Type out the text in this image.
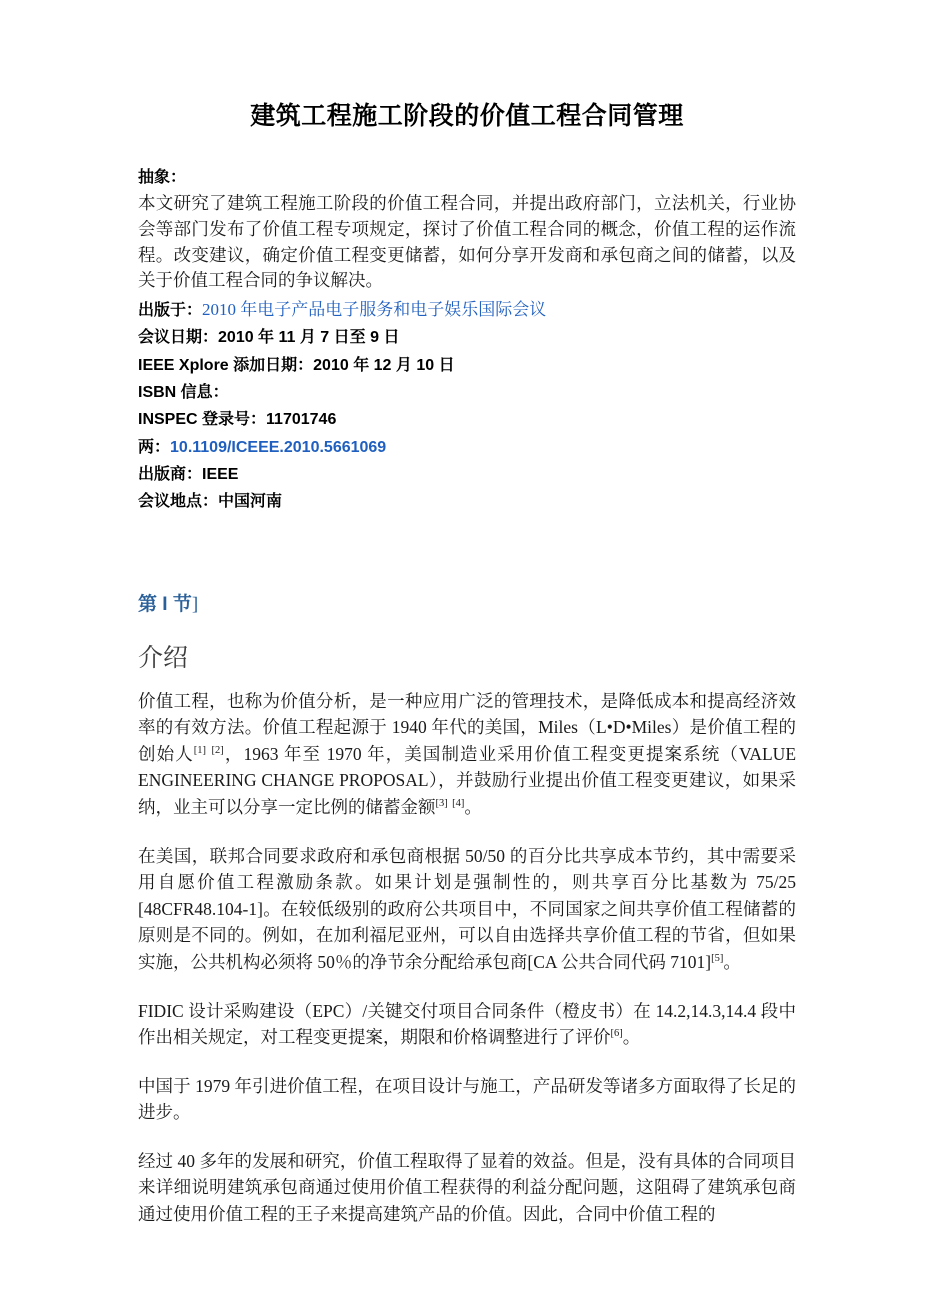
建筑工程施工阶段的价值工程合同管理
抽象：

本文研究了建筑工程施工阶段的价值工程合同，并提出政府部门，立法机关，行业协会等部门发布了价值工程专项规定，探讨了价值工程合同的概念，价值工程的运作流程。改变建议，确定价值工程变更储蓄，如何分享开发商和承包商之间的储蓄，以及关于价值工程合同的争议解决。

出版于：2010 年电子产品电子服务和电子娱乐国际会议

会议日期：2010 年 11 月 7 日至 9 日

IEEE Xplore 添加日期：2010 年 12 月 10 日

ISBN 信息：

INSPEC 登录号：11701746

两：10.1109/ICEEE.2010.5661069

出版商：IEEE

会议地点：中国河南

第 I 节]
介绍

价值工程，也称为价值分析，是一种应用广泛的管理技术，是降低成本和提高经济效率的有效方法。价值工程起源于 1940 年代的美国，Miles（L•D•Miles）是价值工程的创始人[1] [2]，1963 年至 1970 年，美国制造业采用价值工程变更提案系统（VALUE ENGINEERING CHANGE PROPOSAL），并鼓励行业提出价值工程变更建议，如果采纳，业主可以分享一定比例的储蓄金额[3] [4]。

在美国，联邦合同要求政府和承包商根据 50/50 的百分比共享成本节约，其中需要采用自愿价值工程激励条款。如果计划是强制性的，则共享百分比基数为 75/25 [48CFR48.104-1]。在较低级别的政府公共项目中，不同国家之间共享价值工程储蓄的原则是不同的。例如，在加利福尼亚州，可以自由选择共享价值工程的节省，但如果实施，公共机构必须将 50％的净节余分配给承包商[CA 公共合同代码 7101][5]。

FIDIC 设计采购建设（EPC）/关键交付项目合同条件（橙皮书）在 14.2,14.3,14.4 段中作出相关规定，对工程变更提案，期限和价格调整进行了评价[6]。

中国于 1979 年引进价值工程，在项目设计与施工，产品研发等诸多方面取得了长足的进步。

经过 40 多年的发展和研究，价值工程取得了显着的效益。但是，没有具体的合同项目来详细说明建筑承包商通过使用价值工程获得的利益分配问题，这阻碍了建筑承包商通过使用价值工程的王子来提高建筑产品的价值。因此，合同中价值工程的
